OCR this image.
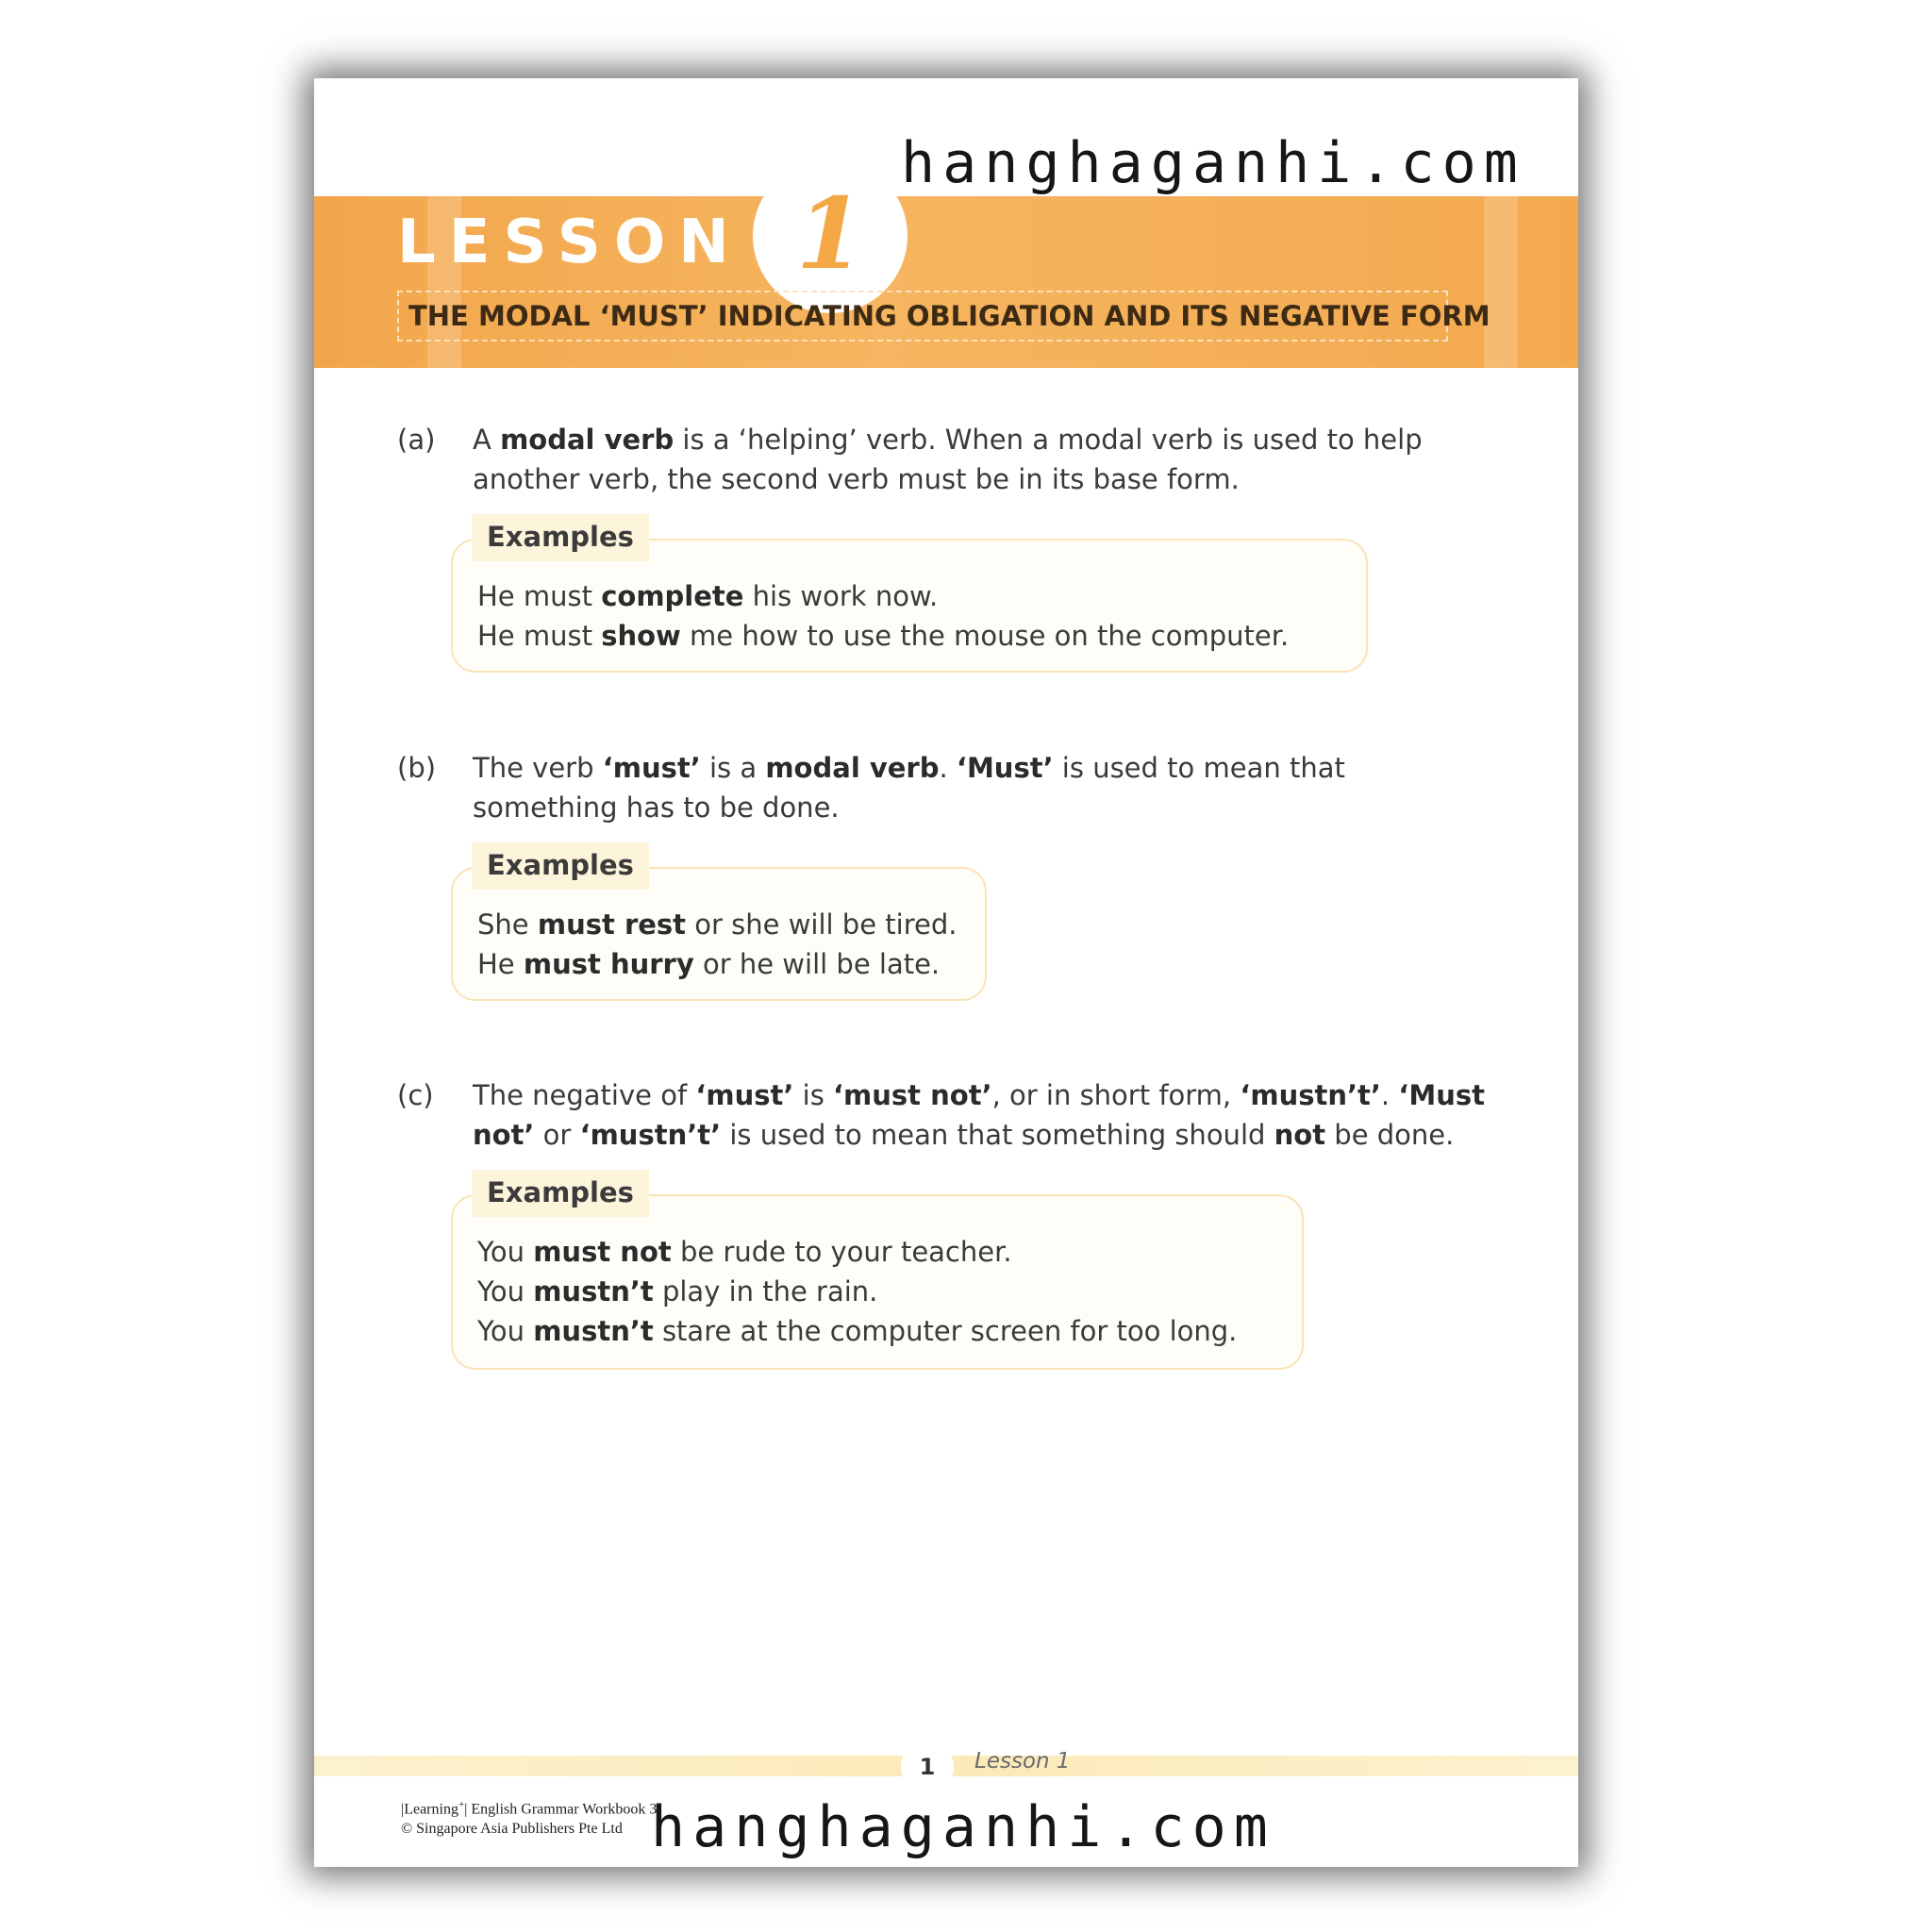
LESSON 1
THE MODAL ‘MUST’ INDICATING OBLIGATION AND ITS NEGATIVE FORM
(a) A modal verb is a ‘helping’ verb. When a modal verb is used to help another verb, the second verb must be in its base form.
Examples
He must complete his work now.
He must show me how to use the mouse on the computer.
(b) The verb ‘must’ is a modal verb. ‘Must’ is used to mean that something has to be done.
Examples
She must rest or she will be tired.
He must hurry or he will be late.
(c) The negative of ‘must’ is ‘must not’, or in short form, ‘mustn’t’. ‘Must not’ or ‘mustn’t’ is used to mean that something should not be done.
Examples
You must not be rude to your teacher.
You mustn’t play in the rain.
You mustn’t stare at the computer screen for too long.
1	Lesson 1
|Learning+| English Grammar Workbook 3
© Singapore Asia Publishers Pte Ltd
hanghaganhi.com
hanghaganhi.com
